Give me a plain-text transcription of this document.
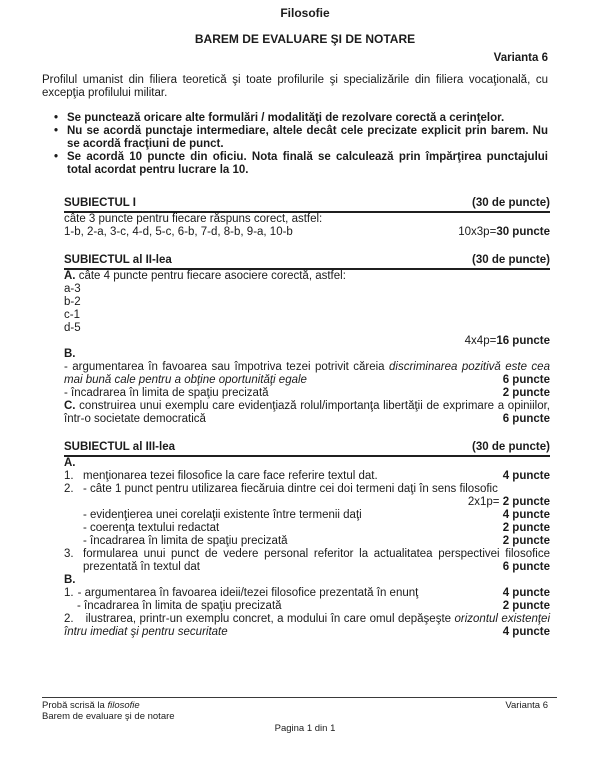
Filosofie
BAREM DE EVALUARE ŞI DE NOTARE
Varianta 6
Profilul umanist din filiera teoretică şi toate profilurile şi specializările din filiera vocaţională, cu excepţia profilului militar.
• Se punctează oricare alte formulări / modalităţi de rezolvare corectă a cerinţelor.
• Nu se acordă punctaje intermediare, altele decât cele precizate explicit prin barem. Nu se acordă fracţiuni de punct.
• Se acordă 10 puncte din oficiu. Nota finală se calculează prin împărţirea punctajului total acordat pentru lucrare la 10.
SUBIECTUL I	(30 de puncte)
câte 3 puncte pentru fiecare răspuns corect, astfel:
1-b, 2-a, 3-c, 4-d, 5-c, 6-b, 7-d, 8-b, 9-a, 10-b	10x3p=30 puncte
SUBIECTUL al II-lea	(30 de puncte)
A. câte 4 puncte pentru fiecare asociere corectă, astfel:
a-3
b-2
c-1
d-5
4x4p=16 puncte
B.
- argumentarea în favoarea sau împotriva tezei potrivit căreia discriminarea pozitivă este cea mai bună cale pentru a obţine oportunităţi egale	6 puncte
- încadrarea în limita de spaţiu precizată	2 puncte
C. construirea unui exemplu care evidenţiază rolul/importanţa libertăţii de exprimare a opiniilor, într-o societate democratică	6 puncte
SUBIECTUL al III-lea	(30 de puncte)
A.
1. menţionarea tezei filosofice la care face referire textul dat.	4 puncte
2. - câte 1 punct pentru utilizarea fiecăruia dintre cei doi termeni daţi în sens filosofic
2x1p= 2 puncte
- evidenţierea unei corelaţii existente între termenii daţi	4 puncte
- coerenţa textului redactat	2 puncte
- încadrarea în limita de spaţiu precizată	2 puncte
3. formularea unui punct de vedere personal referitor la actualitatea perspectivei filosofice prezentată în textul dat	6 puncte
B.
1. - argumentarea în favoarea ideii/tezei filosofice prezentată în enunţ	4 puncte
- încadrarea în limita de spaţiu precizată	2 puncte
2. ilustrarea, printr-un exemplu concret, a modului în care omul depăşeşte orizontul existenţei întru imediat şi pentru securitate	4 puncte
Probă scrisă la filosofie
Barem de evaluare şi de notare
Varianta 6
Pagina 1 din 1
